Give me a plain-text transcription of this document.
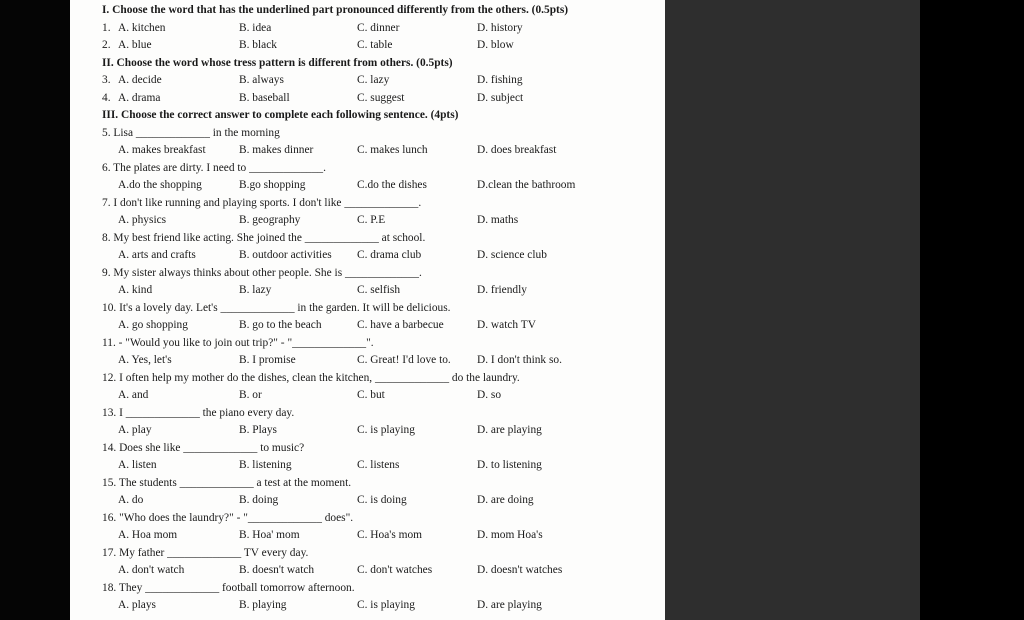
I. Choose the word that has the underlined part pronounced differently from the others. (0.5pts)
1. A. kitchen	B. idea	C. dinner	D. history
2. A. blue	B. black	C. table	D. blow
II. Choose the word whose tress pattern is different from others. (0.5pts)
3. A. decide	B. always	C. lazy	D. fishing
4. A. drama	B. baseball	C. suggest	D. subject
III. Choose the correct answer to complete each following sentence. (4pts)
5. Lisa _____________ in the morning
A. makes breakfast	B. makes dinner	C. makes lunch	D. does breakfast
6. The plates are dirty. I need to _____________.
A.do the shopping	B.go shopping	C.do the dishes	D.clean the bathroom
7. I don't like running and playing sports. I don't like _____________.
A. physics	B. geography	C. P.E	D. maths
8. My best friend like acting. She joined the _____________ at school.
A. arts and crafts	B. outdoor activities C. drama club	D. science club
9. My sister always thinks about other people. She is _____________.
A. kind	B. lazy	C. selfish	D. friendly
10. It's a lovely day. Let's _____________ in the garden. It will be delicious.
A. go shopping	B. go to the beach	C. have a barbecue	D. watch TV
11. - "Would you like to join out trip?" - "_____________".
A. Yes, let's	B. I promise	C. Great! I'd love to. D. I don't think so.
12. I often help my mother do the dishes, clean the kitchen, _____________ do the laundry.
A. and	B. or	C. but	D. so
13. I _____________ the piano every day.
A. play	B. Plays	C. is playing	D. are playing
14. Does she like _____________ to music?
A. listen	B. listening	C. listens	D. to listening
15. The students _____________ a test at the moment.
A. do	B. doing	C. is doing	D. are doing
16. "Who does the laundry?" - "_____________ does".
A. Hoa mom	B. Hoa' mom	C. Hoa's mom	D. mom Hoa's
17. My father _____________ TV every day.
A. don't watch	B. doesn't watch	C. don't watches	D. doesn't watches
18. They _____________ football tomorrow afternoon.
A. plays	B. playing	C. is playing	D. are playing
